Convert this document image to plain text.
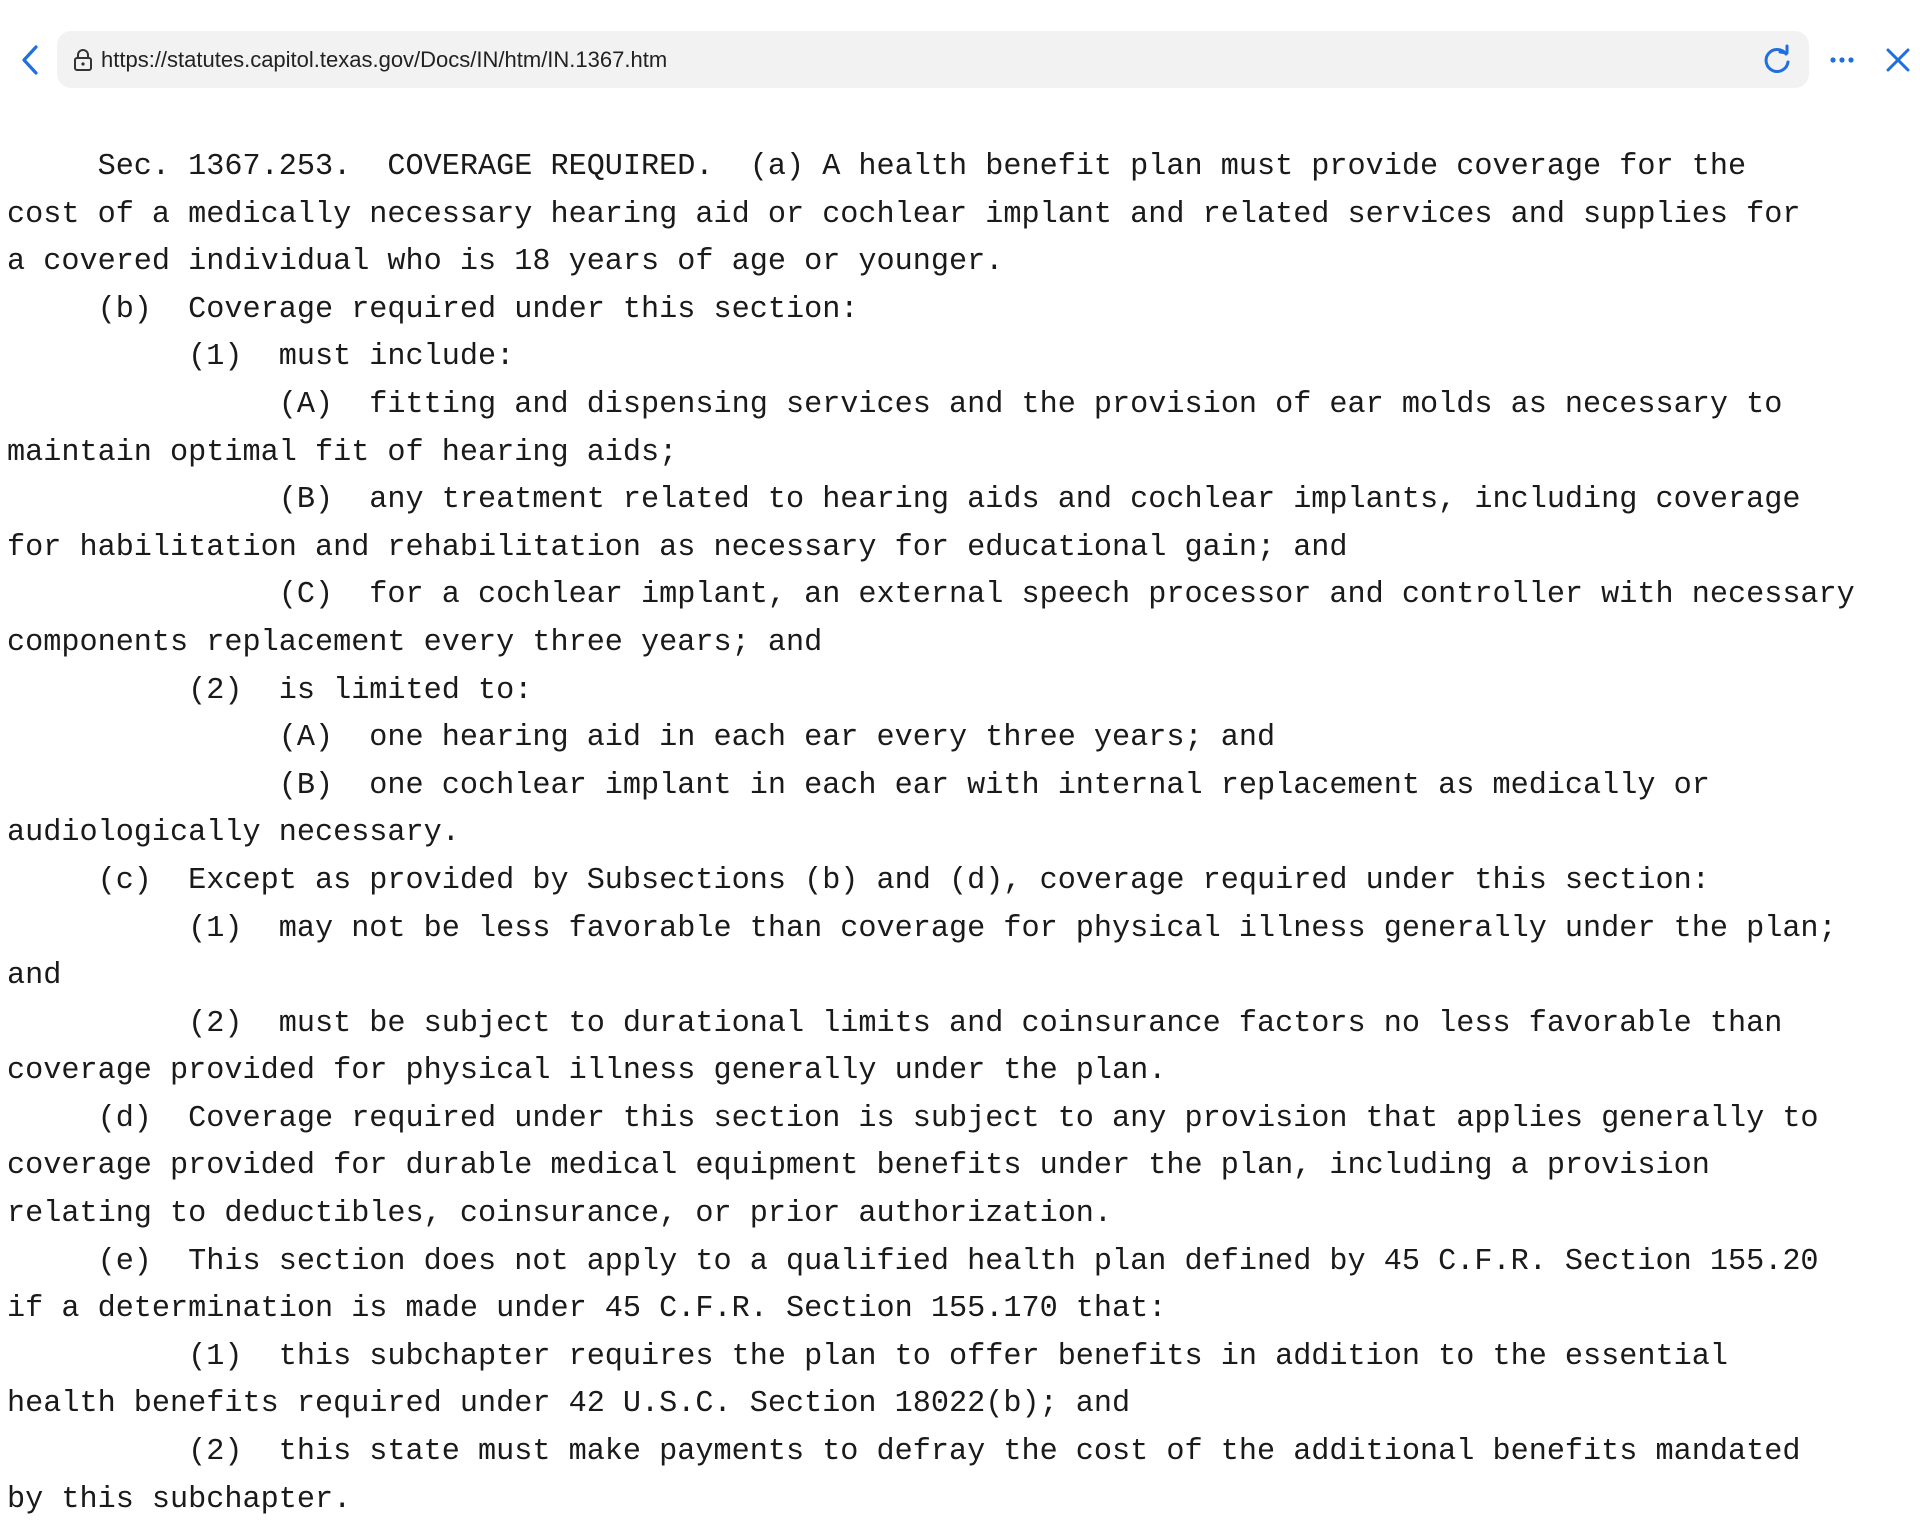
https://statutes.capitol.texas.gov/Docs/IN/htm/IN.1367.htm
Sec. 1367.253.  COVERAGE REQUIRED.  (a) A health benefit plan must provide coverage for the
cost of a medically necessary hearing aid or cochlear implant and related services and supplies for
a covered individual who is 18 years of age or younger.
(b)  Coverage required under this section:
(1)  must include:
(A)  fitting and dispensing services and the provision of ear molds as necessary to
maintain optimal fit of hearing aids;
(B)  any treatment related to hearing aids and cochlear implants, including coverage
for habilitation and rehabilitation as necessary for educational gain; and
(C)  for a cochlear implant, an external speech processor and controller with necessary
components replacement every three years; and
(2)  is limited to:
(A)  one hearing aid in each ear every three years; and
(B)  one cochlear implant in each ear with internal replacement as medically or
audiologically necessary.
(c)  Except as provided by Subsections (b) and (d), coverage required under this section:
(1)  may not be less favorable than coverage for physical illness generally under the plan;
and
(2)  must be subject to durational limits and coinsurance factors no less favorable than
coverage provided for physical illness generally under the plan.
(d)  Coverage required under this section is subject to any provision that applies generally to
coverage provided for durable medical equipment benefits under the plan, including a provision
relating to deductibles, coinsurance, or prior authorization.
(e)  This section does not apply to a qualified health plan defined by 45 C.F.R. Section 155.20
if a determination is made under 45 C.F.R. Section 155.170 that:
(1)  this subchapter requires the plan to offer benefits in addition to the essential
health benefits required under 42 U.S.C. Section 18022(b); and
(2)  this state must make payments to defray the cost of the additional benefits mandated
by this subchapter.
